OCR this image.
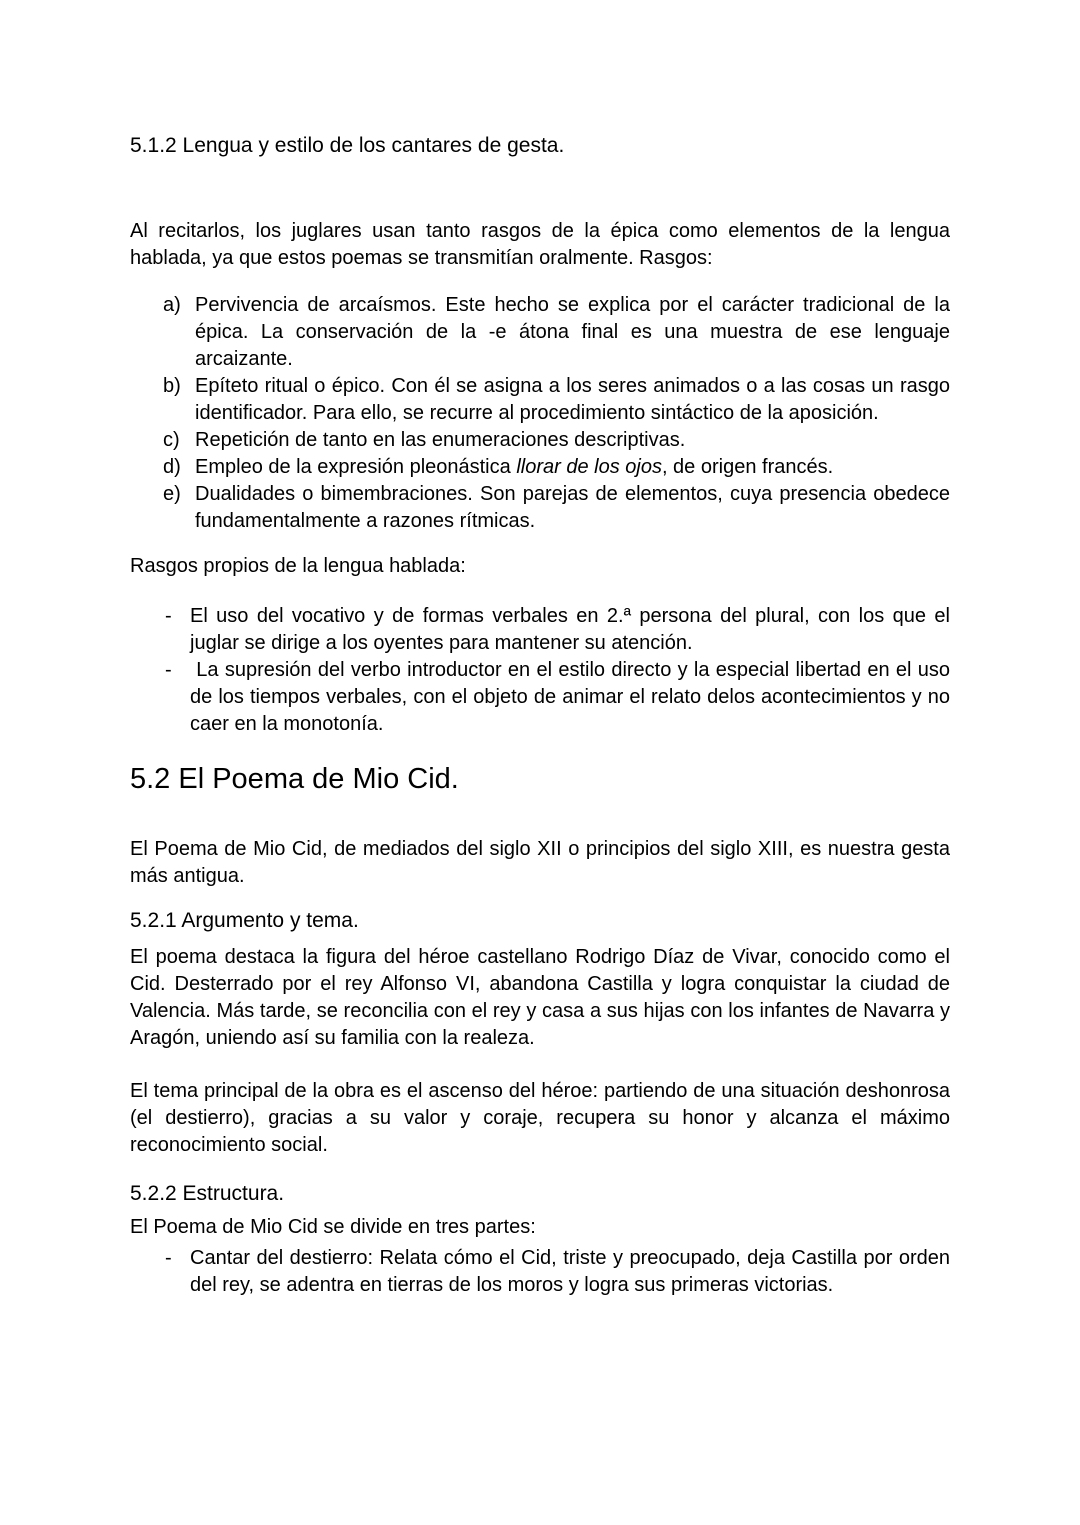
5.1.2 Lengua y estilo de los cantares de gesta.

Al recitarlos, los juglares usan tanto rasgos de la épica como elementos de la lengua hablada, ya que estos poemas se transmitían oralmente. Rasgos:

a) Pervivencia de arcaísmos. Este hecho se explica por el carácter tradicional de la épica. La conservación de la -e átona final es una muestra de ese lenguaje arcaizante.
b) Epíteto ritual o épico. Con él se asigna a los seres animados o a las cosas un rasgo identificador. Para ello, se recurre al procedimiento sintáctico de la aposición.
c) Repetición de tanto en las enumeraciones descriptivas.
d) Empleo de la expresión pleonástica llorar de los ojos, de origen francés.
e) Dualidades o bimembraciones. Son parejas de elementos, cuya presencia obedece fundamentalmente a razones rítmicas.

Rasgos propios de la lengua hablada:

- El uso del vocativo y de formas verbales en 2.ª persona del plural, con los que el juglar se dirige a los oyentes para mantener su atención.
- La supresión del verbo introductor en el estilo directo y la especial libertad en el uso de los tiempos verbales, con el objeto de animar el relato delos acontecimientos y no caer en la monotonía.
5.2 El Poema de Mio Cid.

El Poema de Mio Cid, de mediados del siglo XII o principios del siglo XIII, es nuestra gesta más antigua.

5.2.1 Argumento y tema.

El poema destaca la figura del héroe castellano Rodrigo Díaz de Vivar, conocido como el Cid. Desterrado por el rey Alfonso VI, abandona Castilla y logra conquistar la ciudad de Valencia. Más tarde, se reconcilia con el rey y casa a sus hijas con los infantes de Navarra y Aragón, uniendo así su familia con la realeza.

El tema principal de la obra es el ascenso del héroe: partiendo de una situación deshonrosa (el destierro), gracias a su valor y coraje, recupera su honor y alcanza el máximo reconocimiento social.

5.2.2 Estructura.

El Poema de Mio Cid se divide en tres partes:

- Cantar del destierro: Relata cómo el Cid, triste y preocupado, deja Castilla por orden del rey, se adentra en tierras de los moros y logra sus primeras victorias.
